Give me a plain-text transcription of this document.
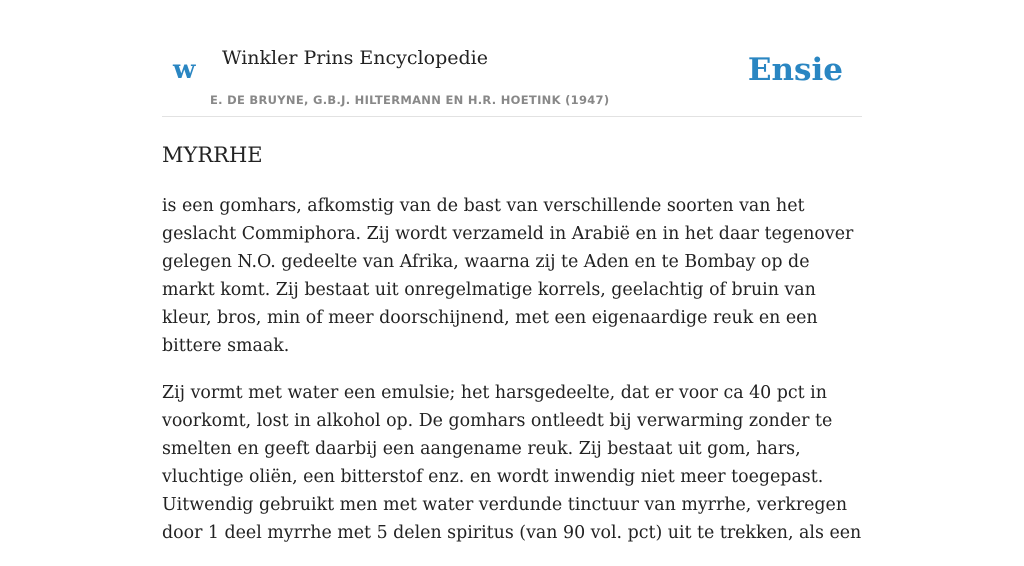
w Winkler Prins Encyclopedie	Ensie
E. DE BRUYNE, G.B.J. HILTERMANN EN H.R. HOETINK (1947)
MYRRHE

is een gomhars, afkomstig van de bast van verschillende soorten van het geslacht Commiphora. Zij wordt verzameld in Arabië en in het daar tegenover gelegen N.O. gedeelte van Afrika, waarna zij te Aden en te Bombay op de markt komt. Zij bestaat uit onregelmatige korrels, geelachtig of bruin van kleur, bros, min of meer doorschijnend, met een eigenaardige reuk en een bittere smaak.

Zij vormt met water een emulsie; het harsgedeelte, dat er voor ca 40 pct in voorkomt, lost in alkohol op. De gomhars ontleedt bij verwarming zonder te smelten en geeft daarbij een aangename reuk. Zij bestaat uit gom, hars, vluchtige oliën, een bitterstof enz. en wordt inwendig niet meer toegepast. Uitwendig gebruikt men met water verdunde tinctuur van myrrhe, verkregen door 1 deel myrrhe met 5 delen spiritus (van 90 vol. pct) uit te trekken, als een
